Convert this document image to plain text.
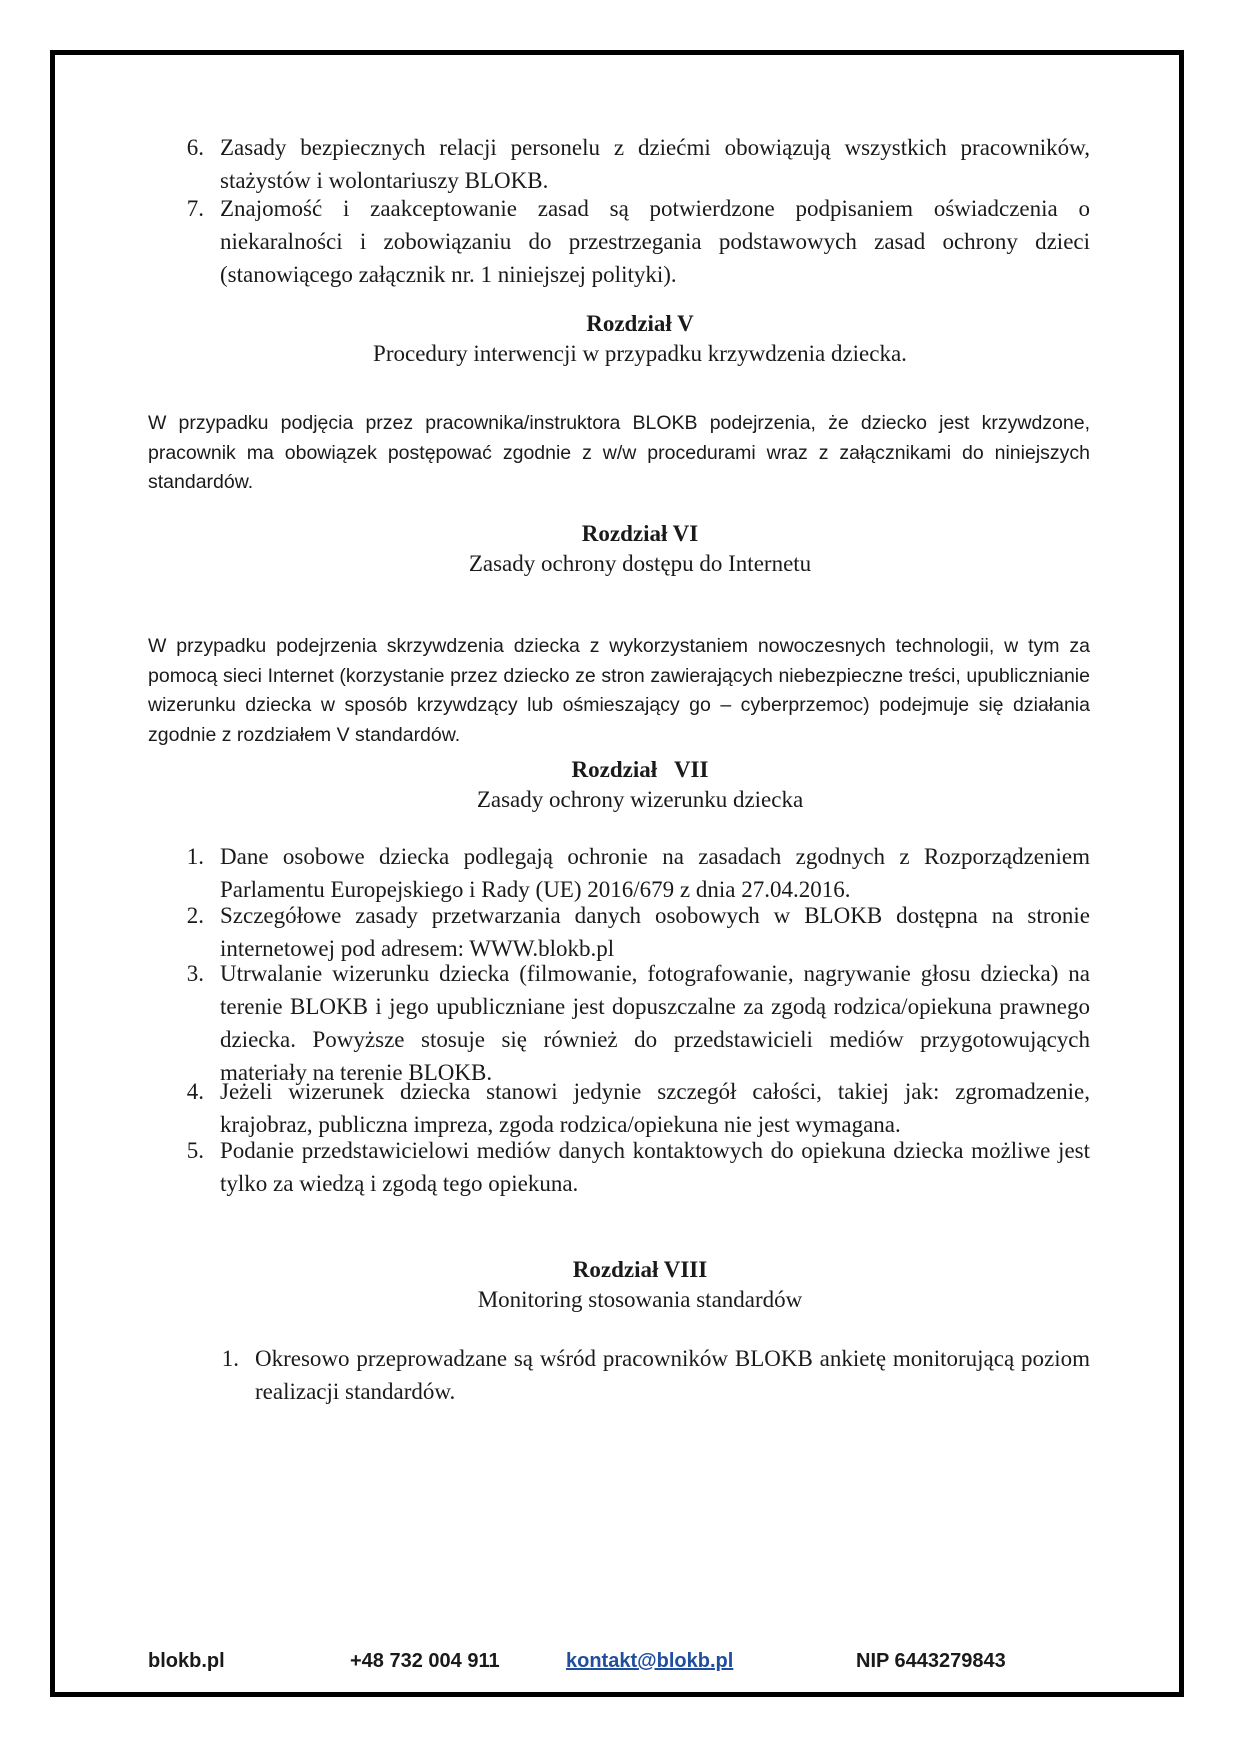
6. Zasady bezpiecznych relacji personelu z dziećmi obowiązują wszystkich pracowników, stażystów i wolontariuszy BLOKB.
7. Znajomość i zaakceptowanie zasad są potwierdzone podpisaniem oświadczenia o niekaralności i zobowiązaniu do przestrzegania podstawowych zasad ochrony dzieci (stanowiącego załącznik nr. 1 niniejszej polityki).
Rozdział V
Procedury interwencji w przypadku krzywdzenia dziecka.
W przypadku podjęcia przez pracownika/instruktora BLOKB podejrzenia, że dziecko jest krzywdzone, pracownik ma obowiązek postępować zgodnie z w/w procedurami wraz z załącznikami do niniejszych standardów.
Rozdział VI
Zasady ochrony dostępu do Internetu
W przypadku podejrzenia skrzywdzenia dziecka z wykorzystaniem nowoczesnych technologii, w tym za pomocą sieci Internet (korzystanie przez dziecko ze stron zawierających niebezpieczne treści, upublicznianie wizerunku dziecka w sposób krzywdzący lub ośmieszający go – cyberprzemoc) podejmuje się działania zgodnie z rozdziałem V standardów.
Rozdział   VII
Zasady ochrony wizerunku dziecka
1. Dane osobowe dziecka podlegają ochronie na zasadach zgodnych z Rozporządzeniem Parlamentu Europejskiego i Rady (UE) 2016/679 z dnia 27.04.2016.
2. Szczegółowe zasady przetwarzania danych osobowych w BLOKB dostępna na stronie internetowej pod adresem: WWW.blokb.pl
3. Utrwalanie wizerunku dziecka (filmowanie, fotografowanie, nagrywanie głosu dziecka) na terenie BLOKB i jego upubliczniane jest dopuszczalne za zgodą rodzica/opiekuna prawnego dziecka. Powyższe stosuje się również do przedstawicieli mediów przygotowujących materiały na terenie BLOKB.
4. Jeżeli wizerunek dziecka stanowi jedynie szczegół całości, takiej jak: zgromadzenie, krajobraz, publiczna impreza, zgoda rodzica/opiekuna nie jest wymagana.
5. Podanie przedstawicielowi mediów danych kontaktowych do opiekuna dziecka możliwe jest tylko za wiedzą i zgodą tego opiekuna.
Rozdział VIII
Monitoring stosowania standardów
1. Okresowo przeprowadzane są wśród pracowników BLOKB ankietę monitorującą poziom realizacji standardów.
blokb.pl	+48 732 004 911	kontakt@blokb.pl	NIP 6443279843
